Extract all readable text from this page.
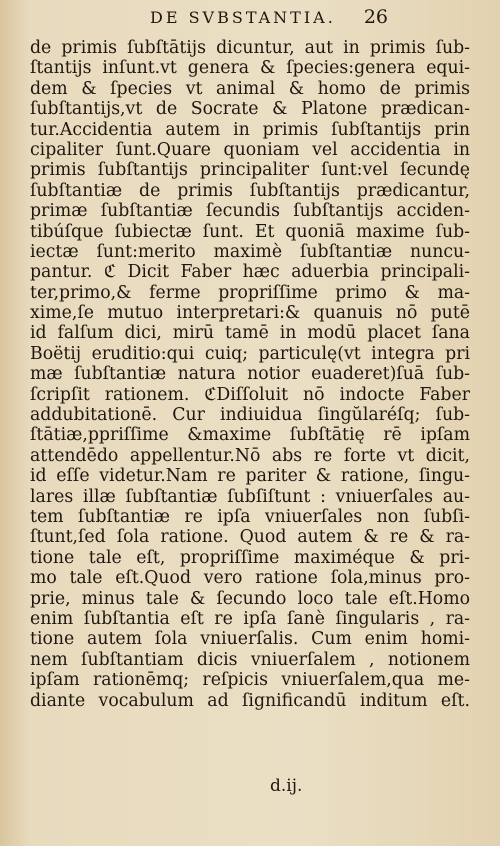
DE SVBSTANTIA. 26
de primis ſubſtātijs dicuntur, aut in primis ſub-
ſtantijs inſunt.vt genera & ſpecies:genera equi-
dem & ſpecies vt animal & homo de primis
ſubſtantijs,vt de Socrate & Platone prædican-
tur.Accidentia autem in primis ſubſtantijs prin
cipaliter ſunt.Quare quoniam vel accidentia in
primis ſubſtantijs principaliter ſunt:vel ſecundę
ſubſtantiæ de primis ſubſtantijs prædicantur,
primæ ſubſtantiæ ſecundis ſubſtantijs acciden-
tibúſque ſubiectæ ſunt. Et quoniā maxime ſub-
iectæ ſunt:merito maximè ſubſtantiæ nuncu-
pantur. ℭ Dicit Faber hæc aduerbia principali-
ter,primo,& ferme propriſſime primo & ma-
xime,ſe mutuo interpretari:& quanuis nō putē
id falſum dici, mirū tamē in modū placet ſana
Boëtij eruditio:qui cuiq; particulę(vt integra pri
mæ ſubſtantiæ natura notior euaderet)ſuā ſub-
ſcripſit rationem. ℭDiſſoluit nō indocte Faber
addubitationē. Cur indiuidua ſingŭlaréſq; ſub-
ſtātiæ,ppriſſime &maxime ſubſtātię rē ipſam
attendēdo appellentur.Nō abs re forte vt dicit,
id eſſe videtur.Nam re pariter & ratione, ſingu-
lares illæ ſubſtantiæ ſubſiſtunt : vniuerſales au-
tem ſubſtantiæ re ipſa vniuerſales non ſubſi-
ſtunt,ſed ſola ratione. Quod autem & re & ra-
tione tale eſt, propriſſime maximéque & pri-
mo tale eſt.Quod vero ratione ſola,minus pro-
prie, minus tale & ſecundo loco tale eſt.Homo
enim ſubſtantia eſt re ipſa ſanè ſingularis , ra-
tione autem ſola vniuerſalis. Cum enim homi-
nem ſubſtantiam dicis vniuerſalem , notionem
ipſam rationēmq; reſpicis vniuerſalem,qua me-
diante vocabulum ad ſignificandū inditum eſt.
d.ij.
